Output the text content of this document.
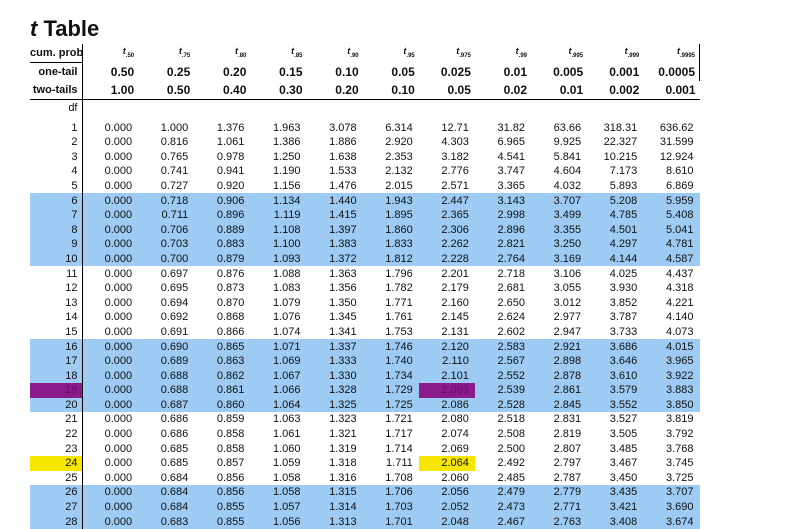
t Table
cum. prob	$t_{.50}$	$t_{.75}$	$t_{.80}$	$t_{.85}$	$t_{.90}$	$t_{.95}$	$t_{.975}$	$t_{.99}$	$t_{.995}$	$t_{.999}$	$t_{.9995}$
one-tail	0.50	0.25	0.20	0.15	0.10	0.05	0.025	0.01	0.005	0.001	0.0005
two-tails	1.00	0.50	0.40	0.30	0.20	0.10	0.05	0.02	0.01	0.002	0.001
df											
1	0.000	1.000	1.376	1.963	3.078	6.314	12.71	31.82	63.66	318.31	636.62
2	0.000	0.816	1.061	1.386	1.886	2.920	4.303	6.965	9.925	22.327	31.599
3	0.000	0.765	0.978	1.250	1.638	2.353	3.182	4.541	5.841	10.215	12.924
4	0.000	0.741	0.941	1.190	1.533	2.132	2.776	3.747	4.604	7.173	8.610
5	0.000	0.727	0.920	1.156	1.476	2.015	2.571	3.365	4.032	5.893	6.869
6	0.000	0.718	0.906	1.134	1.440	1.943	2.447	3.143	3.707	5.208	5.959
7	0.000	0.711	0.896	1.119	1.415	1.895	2.365	2.998	3.499	4.785	5.408
8	0.000	0.706	0.889	1.108	1.397	1.860	2.306	2.896	3.355	4.501	5.041
9	0.000	0.703	0.883	1.100	1.383	1.833	2.262	2.821	3.250	4.297	4.781
10	0.000	0.700	0.879	1.093	1.372	1.812	2.228	2.764	3.169	4.144	4.587
11	0.000	0.697	0.876	1.088	1.363	1.796	2.201	2.718	3.106	4.025	4.437
12	0.000	0.695	0.873	1.083	1.356	1.782	2.179	2.681	3.055	3.930	4.318
13	0.000	0.694	0.870	1.079	1.350	1.771	2.160	2.650	3.012	3.852	4.221
14	0.000	0.692	0.868	1.076	1.345	1.761	2.145	2.624	2.977	3.787	4.140
15	0.000	0.691	0.866	1.074	1.341	1.753	2.131	2.602	2.947	3.733	4.073
16	0.000	0.690	0.865	1.071	1.337	1.746	2.120	2.583	2.921	3.686	4.015
17	0.000	0.689	0.863	1.069	1.333	1.740	2.110	2.567	2.898	3.646	3.965
18	0.000	0.688	0.862	1.067	1.330	1.734	2.101	2.552	2.878	3.610	3.922
19	0.000	0.688	0.861	1.066	1.328	1.729	2.093	2.539	2.861	3.579	3.883
20	0.000	0.687	0.860	1.064	1.325	1.725	2.086	2.528	2.845	3.552	3.850
21	0.000	0.686	0.859	1.063	1.323	1.721	2.080	2.518	2.831	3.527	3.819
22	0.000	0.686	0.858	1.061	1.321	1.717	2.074	2.508	2.819	3.505	3.792
23	0.000	0.685	0.858	1.060	1.319	1.714	2.069	2.500	2.807	3.485	3.768
24	0.000	0.685	0.857	1.059	1.318	1.711	2.064	2.492	2.797	3.467	3.745
25	0.000	0.684	0.856	1.058	1.316	1.708	2.060	2.485	2.787	3.450	3.725
26	0.000	0.684	0.856	1.058	1.315	1.706	2.056	2.479	2.779	3.435	3.707
27	0.000	0.684	0.855	1.057	1.314	1.703	2.052	2.473	2.771	3.421	3.690
28	0.000	0.683	0.855	1.056	1.313	1.701	2.048	2.467	2.763	3.408	3.674
